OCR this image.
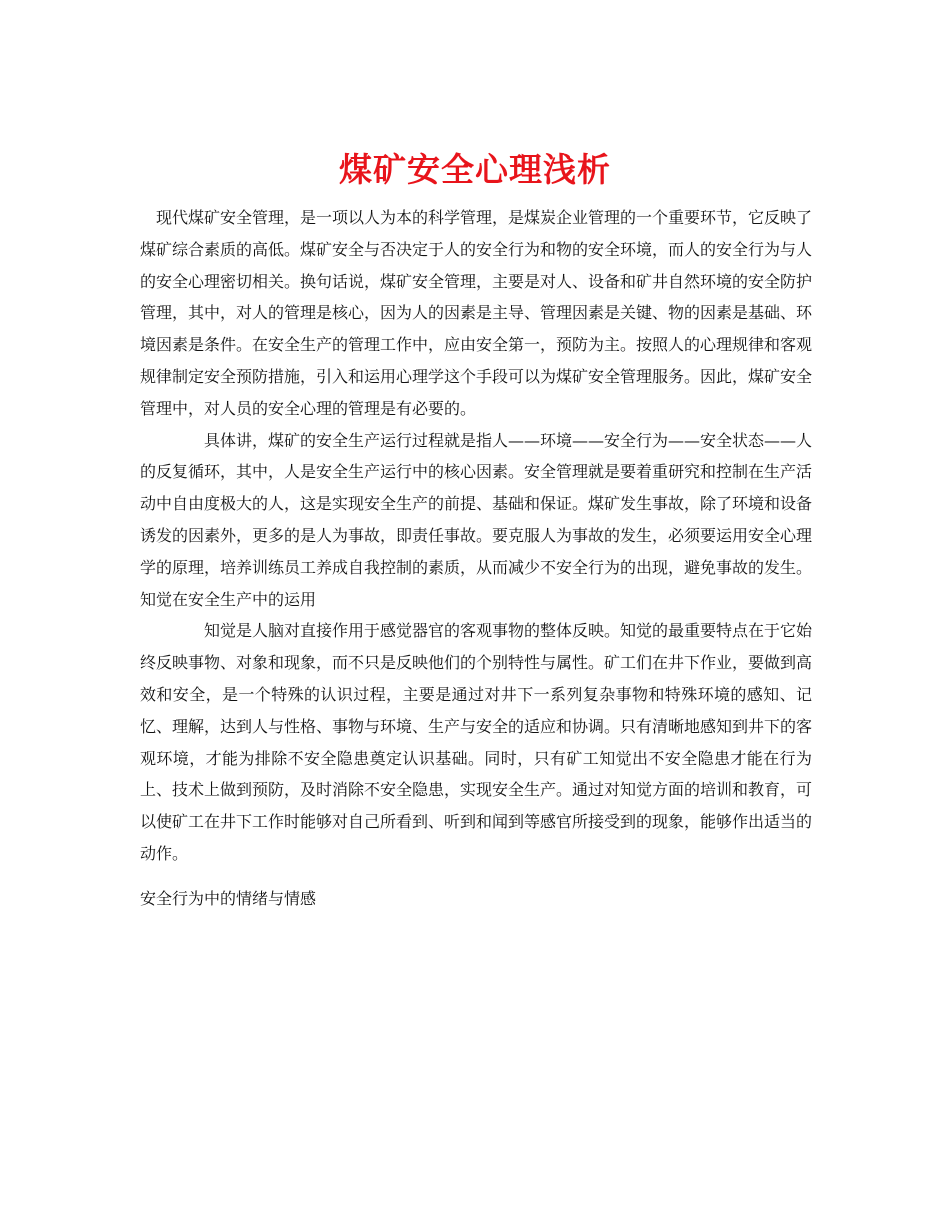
煤矿安全心理浅析

现代煤矿安全管理，是一项以人为本的科学管理，是煤炭企业管理的一个重要环节，它反映了煤矿综合素质的高低。煤矿安全与否决定于人的安全行为和物的安全环境，而人的安全行为与人的安全心理密切相关。换句话说，煤矿安全管理，主要是对人、设备和矿井自然环境的安全防护管理，其中，对人的管理是核心，因为人的因素是主导、管理因素是关键、物的因素是基础、环境因素是条件。在安全生产的管理工作中，应由安全第一，预防为主。按照人的心理规律和客观规律制定安全预防措施，引入和运用心理学这个手段可以为煤矿安全管理服务。因此，煤矿安全管理中，对人员的安全心理的管理是有必要的。

具体讲，煤矿的安全生产运行过程就是指人——环境——安全行为——安全状态——人的反复循环，其中，人是安全生产运行中的核心因素。安全管理就是要着重研究和控制在生产活动中自由度极大的人，这是实现安全生产的前提、基础和保证。煤矿发生事故，除了环境和设备诱发的因素外，更多的是人为事故，即责任事故。要克服人为事故的发生，必须要运用安全心理学的原理，培养训练员工养成自我控制的素质，从而减少不安全行为的出现，避免事故的发生。

知觉在安全生产中的运用

知觉是人脑对直接作用于感觉器官的客观事物的整体反映。知觉的最重要特点在于它始终反映事物、对象和现象，而不只是反映他们的个别特性与属性。矿工们在井下作业，要做到高效和安全，是一个特殊的认识过程，主要是通过对井下一系列复杂事物和特殊环境的感知、记忆、理解，达到人与性格、事物与环境、生产与安全的适应和协调。只有清晰地感知到井下的客观环境，才能为排除不安全隐患奠定认识基础。同时，只有矿工知觉出不安全隐患才能在行为上、技术上做到预防，及时消除不安全隐患，实现安全生产。通过对知觉方面的培训和教育，可以使矿工在井下工作时能够对自己所看到、听到和闻到等感官所接受到的现象，能够作出适当的动作。

安全行为中的情绪与情感
